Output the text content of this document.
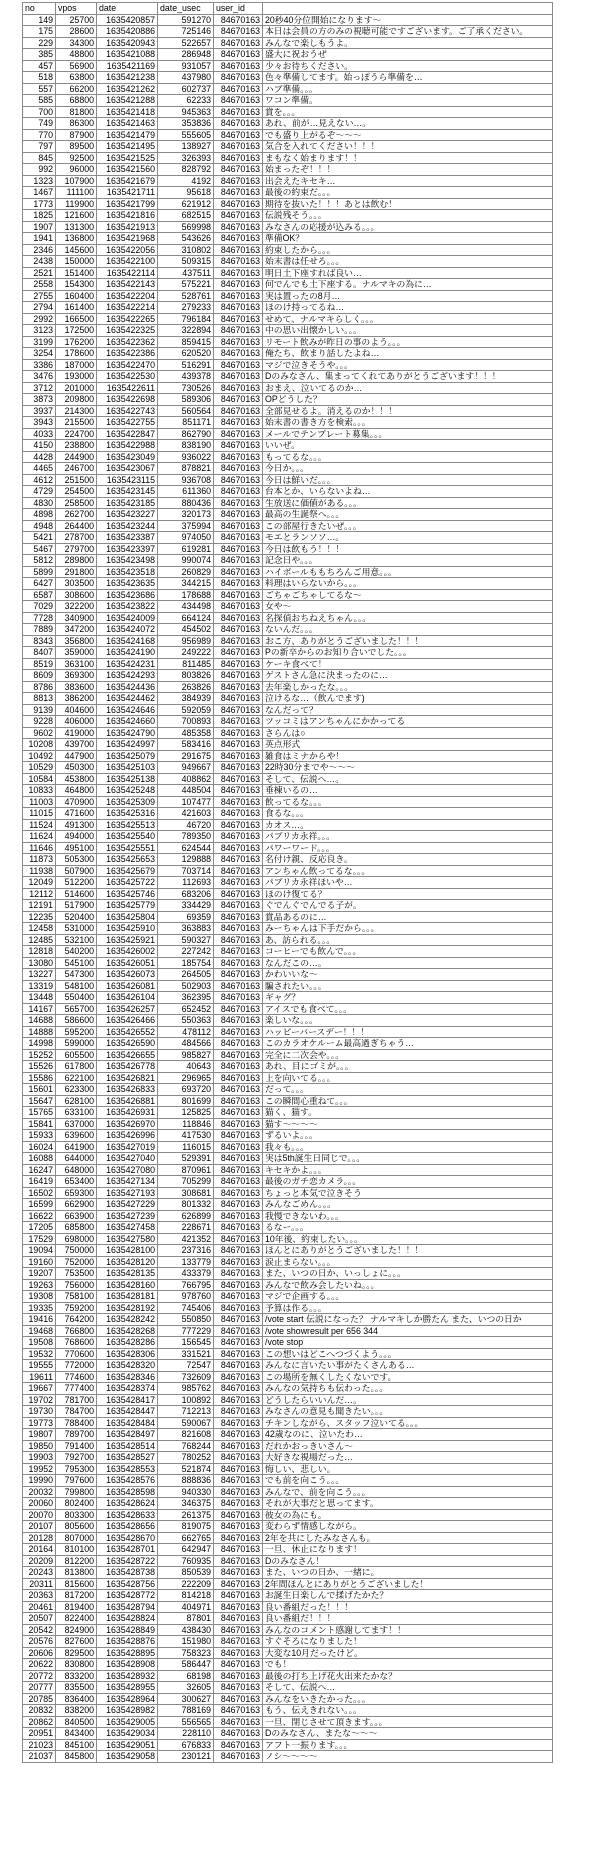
no	vpos	date	date_usec	user_id	
149	25700	1635420857	591270	84670163	20秒40分位開始になります〜
175	28600	1635420886	725146	84670163	本日は会員の方のみの視聴可能ですございます。ご了承ください。
229	34300	1635420943	522657	84670163	みんなで楽しもうよ。
385	48800	1635421088	286948	84670163	盛大に祝おうぜ
457	56900	1635421169	931057	84670163	少々お待ちください。
518	63800	1635421238	437980	84670163	色々準備してます。始っぽうら準備を…
557	66200	1635421262	602737	84670163	ハブ準備。。。
585	68800	1635421288	62233	84670163	ワコン準備。
700	81800	1635421418	945363	84670163	賞を。。。
749	86300	1635421463	353836	84670163	あれ、前が…見えない…。
770	87900	1635421479	555605	84670163	でも盛り上がるぞ〜〜〜
797	89500	1635421495	138927	84670163	気合を入れてください！！！
845	92500	1635421525	326393	84670163	まもなく始まります！！
992	96000	1635421560	828792	84670163	始まったぞ！！！
1323	107900	1635421679	4192	84670163	出会えたキセキ…
1467	111100	1635421711	95618	84670163	最後の約束だ。。。
1773	119900	1635421799	621912	84670163	期待を抜いた！！！あとは飲む！
1825	121600	1635421816	682515	84670163	伝説残そう。。。
1907	131300	1635421913	569998	84670163	みなさんの応援が込みる。。。
1941	136800	1635421968	543626	84670163	準備OK？
2346	145600	1635422056	310802	84670163	約束したから。。。
2438	150000	1635422100	509315	84670163	始末書は任せろ。。。
2521	151400	1635422114	437511	84670163	明日土下座すれば良い…
2558	154300	1635422143	575221	84670163	何でんでも土下座する。ナルマキの為に…
2755	160400	1635422204	528761	84670163	実は置ったの8月…
2794	161400	1635422214	279233	84670163	ほのけ持ってるね…
2992	166500	1635422265	796184	84670163	せめて、ナルマキらしく。。。
3123	172500	1635422325	322894	84670163	中の思い出懐かしい。。。
3199	176200	1635422362	859415	84670163	リモート飲みが昨日の事のよう。。。
3254	178600	1635422386	620520	84670163	俺たち、飲まり話したよね…
3386	187000	1635422470	516291	84670163	マジで泣きそうや。。。
3476	193000	1635422530	439378	84670163	Dのみなさん、集まってくれてありがとうございます！！！
3712	201000	1635422611	730526	84670163	おまえ、泣いてるのか…
3873	209800	1635422698	589306	84670163	OPどうした？
3937	214300	1635422743	560564	84670163	全部見せるよ。消えるのか！！！
3943	215500	1635422755	851171	84670163	始末書の書き方を検索。。。
4033	224700	1635422847	862790	84670163	メールでテンプレート募集。。。
4150	238800	1635422988	838190	84670163	いいぜ。
4428	244900	1635423049	936022	84670163	もってるな。。。
4465	246700	1635423067	878821	84670163	今日か。。。
4612	251500	1635423115	936708	84670163	今日は鮮いだ。。。
4729	254500	1635423145	611360	84670163	台本とか、いらないよね…
4830	258500	1635423185	880436	84670163	生放送に価値がある。。。
4898	262700	1635423227	320173	84670163	最高の生誕祭へ。。。
4948	264400	1635423244	375994	84670163	この部屋行きたいぜ。。。
5421	278700	1635423387	974050	84670163	モエとランソソ…。
5467	279700	1635423397	619281	84670163	今日は飲もう！！！
5812	289800	1635423498	990074	84670163	記念日や。。。
5899	291800	1635423518	260829	84670163	ハイボールももちろんご用意。。。
6427	303500	1635423635	344215	84670163	料理はいらないから。。。
6587	308600	1635423686	178688	84670163	ごちゃごちゃしてるな〜
7029	322200	1635423822	434498	84670163	女や〜
7728	340900	1635424009	664124	84670163	名探偵おちねえちゃん。。。
7889	347200	1635424072	454502	84670163	ないんだ。。。
8343	356800	1635424168	956989	84670163	おこ方、ありがとうございました！！！
8407	359000	1635424190	249222	84670163	Pの新卒からのお知り合いでした。。。
8519	363100	1635424231	811485	84670163	ケーキ食べて！
8609	369300	1635424293	803826	84670163	ゲストさん急に決まったのに…
8786	383600	1635424436	263826	84670163	去年楽しかったな。。。
8813	386200	1635424462	384939	84670163	泣けるな…（飲んでます)
9139	404600	1635424646	592059	84670163	なんだって？
9228	406000	1635424660	700893	84670163	ツッコミはアンちゃんにかかってる
9602	419000	1635424790	485358	84670163	さらんは○
10208	439700	1635424997	583416	84670163	英点形式
10492	447900	1635425079	291675	84670163	雑食はミナからや！
10529	450300	1635425103	949667	84670163	22時30分までや〜〜〜
10584	453800	1635425138	408862	84670163	そして、伝説へ…。
10833	464800	1635425248	448504	84670163	垂棟いるの…
11003	470900	1635425309	107477	84670163	飲ってるな。。。
11015	471600	1635425316	421603	84670163	食るな。。。
11524	491300	1635425513	46720	84670163	カオス…。
11624	494000	1635425540	789350	84670163	パブリカ永祥。。。
11646	495100	1635425551	624544	84670163	パワーワード。。。
11873	505300	1635425653	129888	84670163	名付け親、反応良き。
11938	507900	1635425679	703714	84670163	アンちゃん飲ってるな。。。
12049	512200	1635425722	112693	84670163	パブリカ永祥ほいや…
12112	514600	1635425746	683206	84670163	ほのけ復てる？
12191	517900	1635425779	334429	84670163	ぐでんぐでんでる子が。
12235	520400	1635425804	69359	84670163	賞品あるのに…
12458	531000	1635425910	363883	84670163	みーちゃんは下手だから。。。
12485	532100	1635425921	590327	84670163	あ、訪られる。。。
12818	540200	1635426002	227242	84670163	コーヒーでも飲んで。。。
13080	545100	1635426051	185754	84670163	なんだこの…。
13227	547300	1635426073	264505	84670163	かわいいな〜
13319	548100	1635426081	502903	84670163	騙されたい。。。
13448	550400	1635426104	362395	84670163	ギャグ？
14167	565700	1635426257	652452	84670163	アイスでも食べて。。。
14688	586600	1635426466	550363	84670163	楽しいな。。。
14888	595200	1635426552	478112	84670163	ハッピーバースデー！！！
14998	599000	1635426590	484566	84670163	このカラオケルーム最高過ぎちゃう…
15252	605500	1635426655	985827	84670163	完全に二次会や。。。
15526	617800	1635426778	40643	84670163	あれ、目にゴミが。。。
15586	622100	1635426821	296965	84670163	上を向いてる。。。
15601	623300	1635426833	693720	84670163	だって。。。
15647	628100	1635426881	801699	84670163	この瞬間心重ねて。。。
15765	633100	1635426931	125825	84670163	猫く、猫す。
15841	637000	1635426970	118846	84670163	猫す〜〜〜〜
15933	639600	1635426996	417530	84670163	ずるいよ。。。
16024	641900	1635427019	116015	84670163	我々も。。。
16088	644000	1635427040	529391	84670163	実は5th誕生日同じで。。。
16247	648000	1635427080	870961	84670163	キセキかよ。。。
16419	653400	1635427134	705299	84670163	最後のガチ恋カメラ。。。
16502	659300	1635427193	308681	84670163	ちょっと本気で泣きそう
16599	662900	1635427229	801332	84670163	みんなごめん。。。
16622	663900	1635427239	626899	84670163	我慢できないわ。。。
17205	685800	1635427458	228671	84670163	るなー。。。
17529	698000	1635427580	421352	84670163	10年後、約束したい。。。
19094	750000	1635428100	237316	84670163	ほんとにありがとうございました！！！
19160	752000	1635428120	133779	84670163	涙止まらない。。。
19207	753500	1635428135	433379	84670163	また、いつの日か、いっしょに。。。
19263	756000	1635428160	766795	84670163	みんなで飲み会したいね。。。
19308	758100	1635428181	978760	84670163	マジで企画する。。。
19335	759200	1635428192	745406	84670163	予算は作る。。。
19416	764200	1635428242	550850	84670163	/vote start 伝説になった？ ナルマキしか勝たん また、いつの日か
19468	766800	1635428268	777229	84670163	/vote showresult per 656 344
19508	768600	1635428286	156545	84670163	/vote stop
19532	770600	1635428306	331521	84670163	この想いはどこへつづくよう。。。
19555	772000	1635428320	72547	84670163	みんなに言いたい事がたくさんある…
19611	774600	1635428346	732609	84670163	この場所を無くしたくないです。
19667	777400	1635428374	985762	84670163	みんなの気持ちも伝わった。。。
19702	781700	1635428417	100892	84670163	どうしたらいいんだ…。
19730	784700	1635428447	712213	84670163	みなさんの意見も聞きたい。。。
19773	788400	1635428484	590067	84670163	チキンしながら、スタッフ泣いてる。。。
19807	789700	1635428497	821608	84670163	42歳なのに、泣いたわ…
19850	791400	1635428514	768244	84670163	だれかおっきいさん〜
19903	792700	1635428527	780252	84670163	大好きな視場だった…
19952	795300	1635428553	521874	84670163	悔しい、悲しい。
19990	797600	1635428576	888836	84670163	でも前を向こう。。。
20032	799800	1635428598	940330	84670163	みんなで、前を向こう。。。
20060	802400	1635428624	346375	84670163	それが大事だと思ってます。
20070	803300	1635428633	261375	84670163	彼女の為にも。
20107	805600	1635428656	819075	84670163	変わらず情感しながら。
20128	807000	1635428670	662765	84670163	2年を共にしたみなさんも。
20164	810100	1635428701	642947	84670163	一旦、休止になります！
20209	812200	1635428722	760935	84670163	Dのみなさん！
20243	813800	1635428738	850539	84670163	また、いつの日か、一緒に。
20311	815600	1635428756	222209	84670163	2年間ほんとにありがとうございました！
20363	817200	1635428772	814218	84670163	お誕生日楽しんで揉げたかた？
20461	819400	1635428794	404971	84670163	良い番組だった！！！
20507	822400	1635428824	87801	84670163	良い番組だ！！！
20542	824900	1635428849	438430	84670163	みんなのコメント感謝してます！！
20576	827600	1635428876	151980	84670163	すぐそろになりました！
20606	829500	1635428895	758323	84670163	大変な10月だったけど。
20622	830800	1635428908	586447	84670163	でも！
20772	833200	1635428932	68198	84670163	最後の打ち上げ花火出来たかな？
20777	835500	1635428955	32605	84670163	そして、伝説へ…
20785	836400	1635428964	300627	84670163	みんなをいきたかった。。。
20832	838200	1635428982	788169	84670163	もう、伝えきれない。。。
20862	840500	1635429005	556565	84670163	一旦、閉じさせて頂きます。。。
20951	843400	1635429034	228110	84670163	Dのみなさん、またな〜〜〜
21023	845100	1635429051	676833	84670163	アフト一振ります。。。
21037	845800	1635429058	230121	84670163	ノシ〜〜〜〜
